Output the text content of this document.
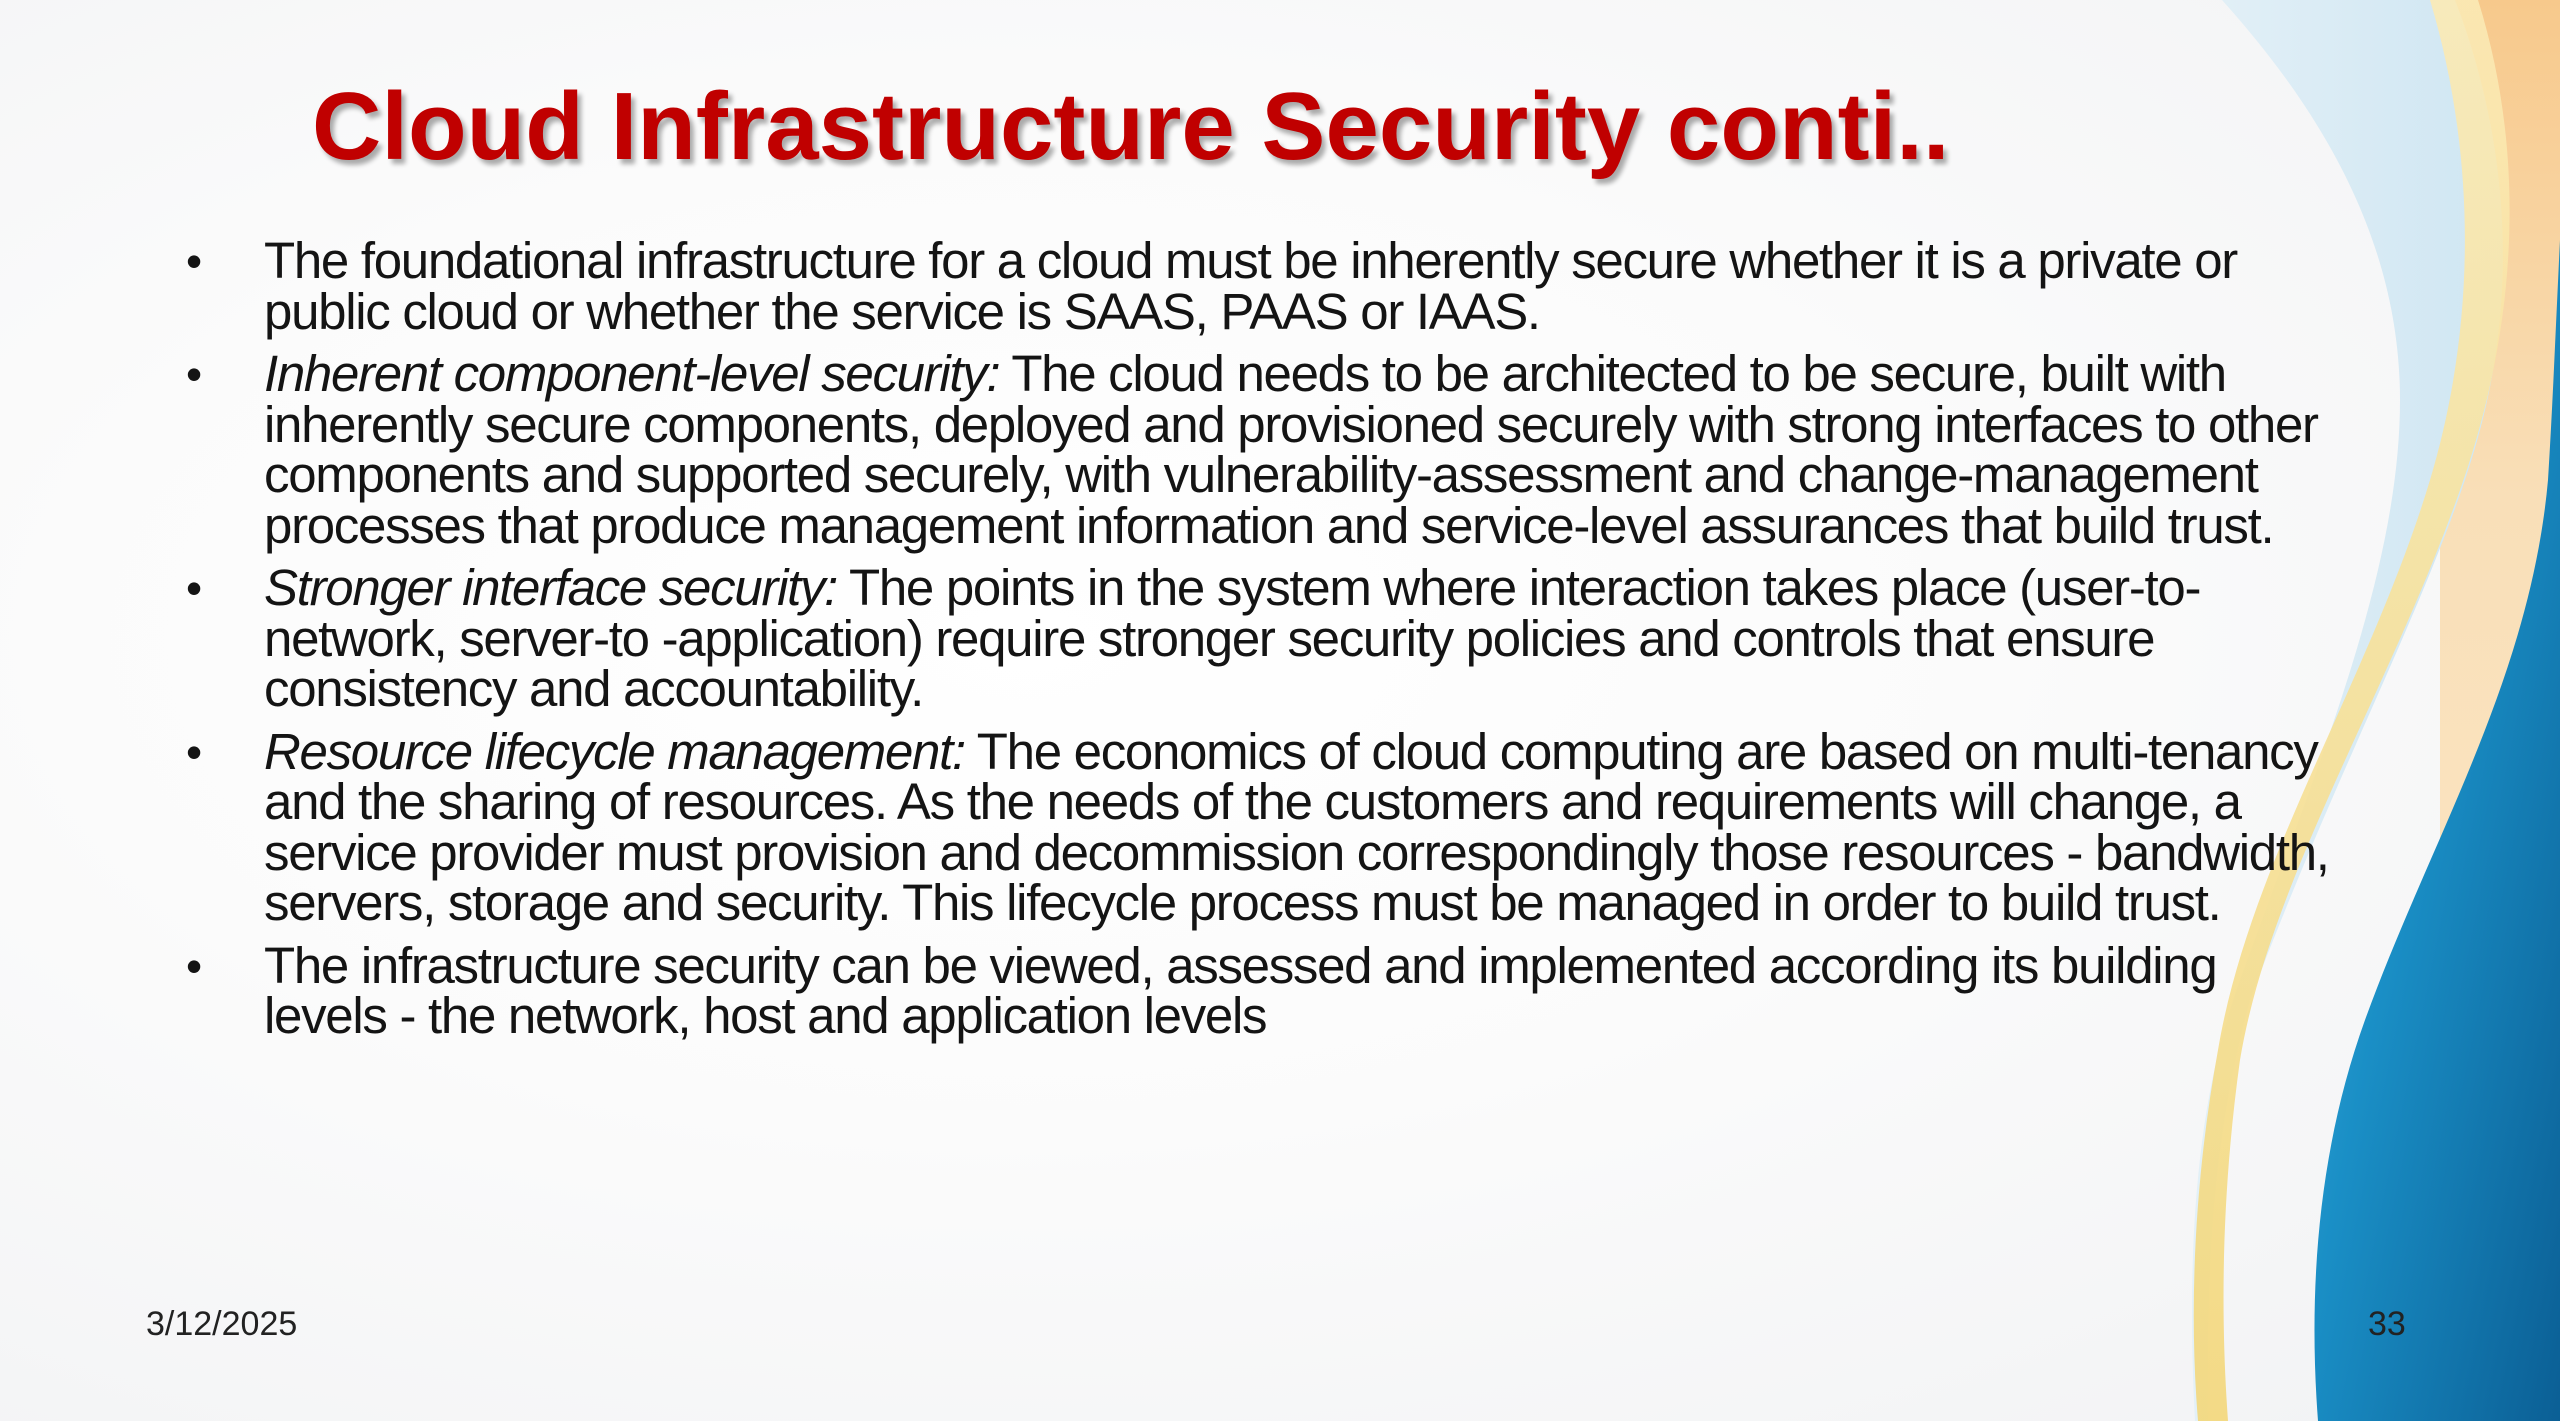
Cloud Infrastructure Security conti..
• The foundational infrastructure for a cloud must be inherently secure whether it is a private or public cloud or whether the service is SAAS, PAAS or IAAS.
• Inherent component-level security: The cloud needs to be architected to be secure, built with inherently secure components, deployed and provisioned securely with strong interfaces to other components and supported securely, with vulnerability-assessment and change-management processes that produce management information and service-level assurances that build trust.
• Stronger interface security: The points in the system where interaction takes place (user-to-network, server-to -application) require stronger security policies and controls that ensure consistency and accountability.
• Resource lifecycle management: The economics of cloud computing are based on multi-tenancy and the sharing of resources. As the needs of the customers and requirements will change, a service provider must provision and decommission correspondingly those resources - bandwidth, servers, storage and security. This lifecycle process must be managed in order to build trust.
• The infrastructure security can be viewed, assessed and implemented according its building levels - the network, host and application levels
3/12/2025	33
